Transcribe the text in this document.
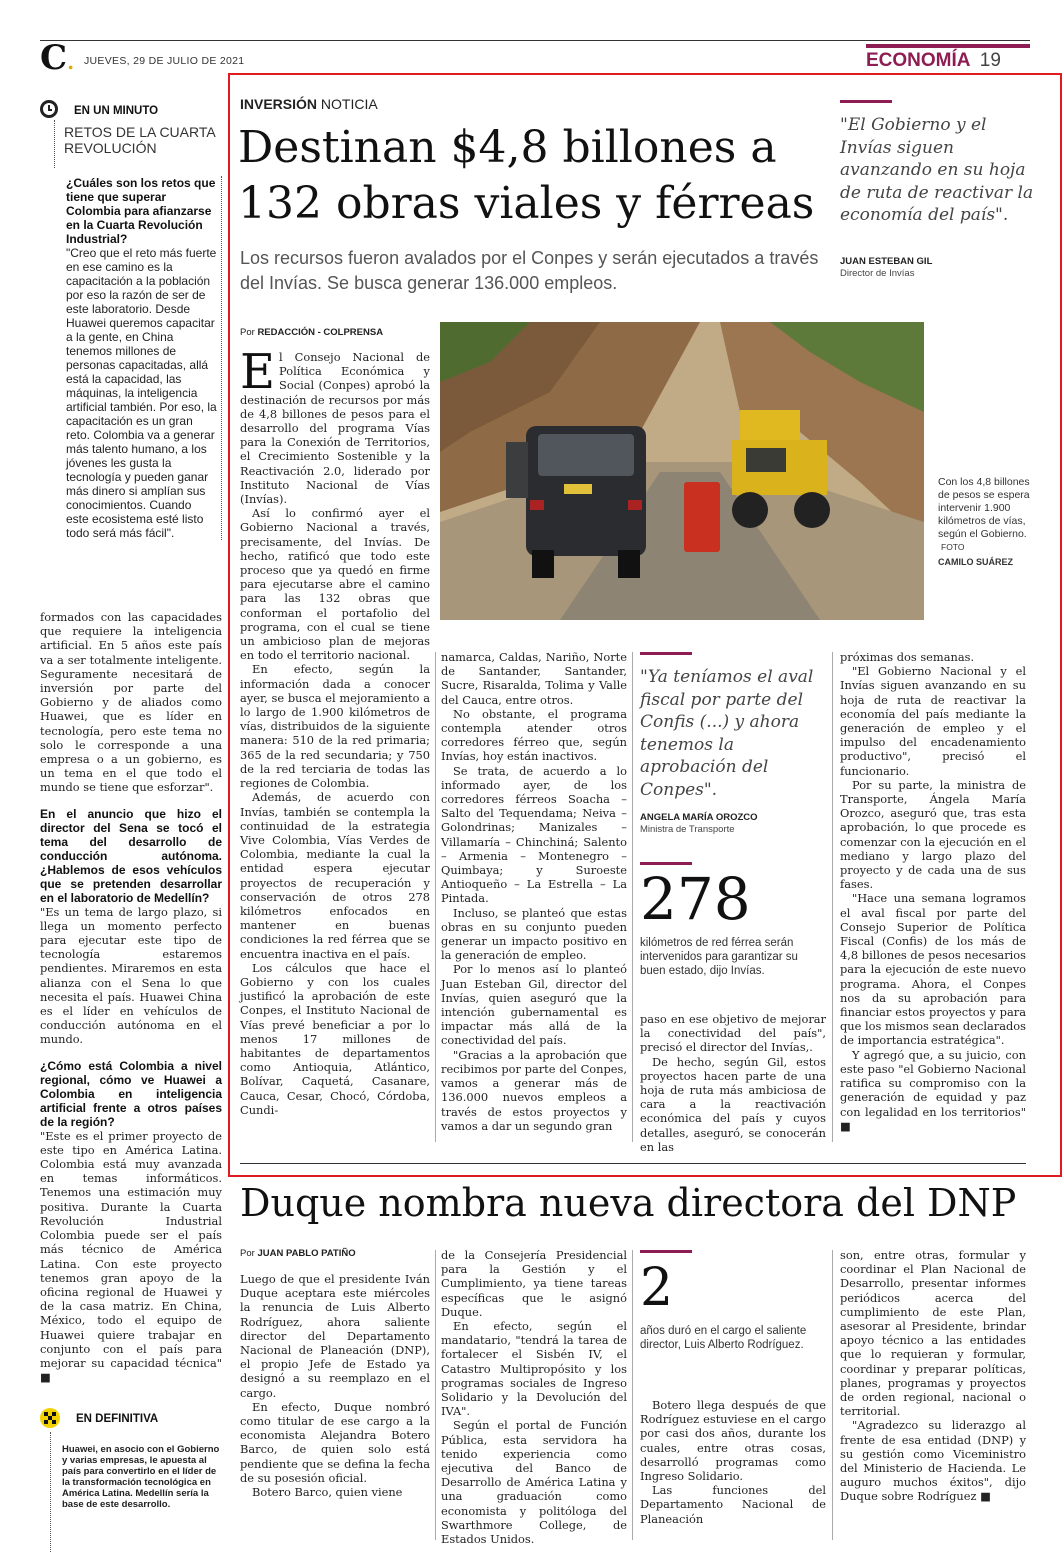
C. JUEVES, 29 DE JULIO DE 2021	ECONOMÍA 19
EN UN MINUTO
RETOS DE LA CUARTA
REVOLUCIÓN
¿Cuáles son los retos que tiene que superar Colombia para afianzarse en la Cuarta Revolución Industrial?
"Creo que el reto más fuerte en ese camino es la capacitación a la población por eso la razón de ser de este laboratorio. Desde Huawei queremos capacitar a la gente, en China tenemos millones de personas capacitadas, allá está la capacidad, las máquinas, la inteligencia artificial también. Por eso, la capacitación es un gran reto. Colombia va a generar más talento humano, a los jóvenes les gusta la tecnología y pueden ganar más dinero si amplían sus conocimientos. Cuando este ecosistema esté listo todo será más fácil".

formados con las capacidades que requiere la inteligencia artificial. En 5 años este país va a ser totalmente inteligente. Seguramente necesitará de inversión por parte del Gobierno y de aliados como Huawei, que es líder en tecnología, pero este tema no solo le corresponde a una empresa o a un gobierno, es un tema en el que todo el mundo se tiene que esforzar".

En el anuncio que hizo el director del Sena se tocó el tema del desarrollo de conducción autónoma. ¿Hablemos de esos vehículos que se pretenden desarrollar en el laboratorio de Medellín?

"Es un tema de largo plazo, si llega un momento perfecto para ejecutar este tipo de tecnología estaremos pendientes. Miraremos en esta alianza con el Sena lo que necesita el país. Huawei China es el líder en vehículos de conducción autónoma en el mundo.

¿Cómo está Colombia a nivel regional, cómo ve Huawei a Colombia en inteligencia artificial frente a otros países de la región?

"Este es el primer proyecto de este tipo en América Latina. Colombia está muy avanzada en temas informáticos. Tenemos una estimación muy positiva. Durante la Cuarta Revolución Industrial Colombia puede ser el país más técnico de América Latina. Con este proyecto tenemos gran apoyo de la oficina regional de Huawei y de la casa matriz. En China, México, todo el equipo de Huawei quiere trabajar en conjunto con el país para mejorar su capacidad técnica" ■

EN DEFINITIVA
Huawei, en asocio con el Gobierno y varias empresas, le apuesta al país para convertirlo en el líder de la transformación tecnológica en América Latina. Medellín sería la base de este desarrollo.
INVERSIÓN NOTICIA
Destinan $4,8 billones a 132 obras viales y férreas
Los recursos fueron avalados por el Conpes y serán ejecutados a través del Invías. Se busca generar 136.000 empleos.
"El Gobierno y el Invías siguen avanzando en su hoja de ruta de reactivar la economía del país".
JUAN ESTEBAN GIL
Director de Invías
Por REDACCIÓN - COLPRENSA
Con los 4,8 billones de pesos se espera intervenir 1.900 kilómetros de vías, según el Gobierno. FOTO
CAMILO SUÁREZ

El Consejo Nacional de Política Económica y Social (Conpes) aprobó la destinación de recursos por más de 4,8 billones de pesos para el desarrollo del programa Vías para la Conexión de Territorios, el Crecimiento Sostenible y la Reactivación 2.0, liderado por Instituto Nacional de Vías (Invías).

Así lo confirmó ayer el Gobierno Nacional a través, precisamente, del Invías. De hecho, ratificó que todo este proceso que ya quedó en firme para ejecutarse abre el camino para las 132 obras que conforman el portafolio del programa, con el cual se tiene un ambicioso plan de mejoras en todo el territorio nacional.

En efecto, según la información dada a conocer ayer, se busca el mejoramiento a lo largo de 1.900 kilómetros de vías, distribuidos de la siguiente manera: 510 de la red primaria; 365 de la red secundaria; y 750 de la red terciaria de todas las regiones de Colombia.

Además, de acuerdo con Invías, también se contempla la continuidad de la estrategia Vive Colombia, Vías Verdes de Colombia, mediante la cual la entidad espera ejecutar proyectos de recuperación y conservación de otros 278 kilómetros enfocados en mantener en buenas condiciones la red férrea que se encuentra inactiva en el país.

Los cálculos que hace el Gobierno y con los cuales justificó la aprobación de este Conpes, el Instituto Nacional de Vías prevé beneficiar a por lo menos 17 millones de habitantes de departamentos como Antioquia, Atlántico, Bolívar, Caquetá, Casanare, Cauca, Cesar, Chocó, Córdoba, Cundi-

namarca, Caldas, Nariño, Norte de Santander, Santander, Sucre, Risaralda, Tolima y Valle del Cauca, entre otros.

No obstante, el programa contempla atender otros corredores férreo que, según Invías, hoy están inactivos.

Se trata, de acuerdo a lo informado ayer, de los corredores férreos Soacha – Salto del Tequendama; Neiva – Golondrinas; Manizales – Villamaría – Chinchiná; Salento – Armenia – Montenegro – Quimbaya; y Suroeste Antioqueño – La Estrella – La Pintada.

Incluso, se planteó que estas obras en su conjunto pueden generar un impacto positivo en la generación de empleo.

Por lo menos así lo planteó Juan Esteban Gil, director del Invías, quien aseguró que la intención gubernamental es impactar más allá de la conectividad del país.

"Gracias a la aprobación que recibimos por parte del Conpes, vamos a generar más de 136.000 nuevos empleos a través de estos proyectos y vamos a dar un segundo gran

"Ya teníamos el aval fiscal por parte del Confis (...) y ahora tenemos la aprobación del Conpes".
ANGELA MARÍA OROZCO
Ministra de Transporte
278
kilómetros de red férrea serán intervenidos para garantizar su buen estado, dijo Invías.

paso en ese objetivo de mejorar la conectividad del país", precisó el director del Invías,.

De hecho, según Gil, estos proyectos hacen parte de una hoja de ruta más ambiciosa de cara a la reactivación económica del país y cuyos detalles, aseguró, se conocerán en las

próximas dos semanas.

"El Gobierno Nacional y el Invías siguen avanzando en su hoja de ruta de reactivar la economía del país mediante la generación de empleo y el impulso del encadenamiento productivo", precisó el funcionario.

Por su parte, la ministra de Transporte, Ángela María Orozco, aseguró que, tras esta aprobación, lo que procede es comenzar con la ejecución en el mediano y largo plazo del proyecto y de cada una de sus fases.

"Hace una semana logramos el aval fiscal por parte del Consejo Superior de Política Fiscal (Confis) de los más de 4,8 billones de pesos necesarios para la ejecución de este nuevo programa. Ahora, el Conpes nos da su aprobación para financiar estos proyectos y para que los mismos sean declarados de importancia estratégica".

Y agregó que, a su juicio, con este paso "el Gobierno Nacional ratifica su compromiso con la generación de equidad y paz con legalidad en los territorios" ■

Duque nombra nueva directora del DNP
Por JUAN PABLO PATIÑO

Luego de que el presidente Iván Duque aceptara este miércoles la renuncia de Luis Alberto Rodríguez, ahora saliente director del Departamento Nacional de Planeación (DNP), el propio Jefe de Estado ya designó a su reemplazo en el cargo.

En efecto, Duque nombró como titular de ese cargo a la economista Alejandra Botero Barco, de quien solo está pendiente que se defina la fecha de su posesión oficial.

Botero Barco, quien viene

de la Consejería Presidencial para la Gestión y el Cumplimiento, ya tiene tareas específicas que le asignó Duque.

En efecto, según el mandatario, "tendrá la tarea de fortalecer el Sisbén IV, el Catastro Multipropósito y los programas sociales de Ingreso Solidario y la Devolución del IVA".

Según el portal de Función Pública, esta servidora ha tenido experiencia como ejecutiva del Banco de Desarrollo de América Latina y una graduación como economista y politóloga del Swarthmore College, de Estados Unidos.

2
años duró en el cargo el saliente director, Luis Alberto Rodríguez.

Botero llega después de que Rodríguez estuviese en el cargo por casi dos años, durante los cuales, entre otras cosas, desarrolló programas como Ingreso Solidario.

Las funciones del Departamento Nacional de Planeación

son, entre otras, formular y coordinar el Plan Nacional de Desarrollo, presentar informes periódicos acerca del cumplimiento de este Plan, asesorar al Presidente, brindar apoyo técnico a las entidades que lo requieran y formular, coordinar y preparar políticas, planes, programas y proyectos de orden regional, nacional o territorial.

"Agradezco su liderazgo al frente de esa entidad (DNP) y su gestión como Viceministro del Ministerio de Hacienda. Le auguro muchos éxitos", dijo Duque sobre Rodríguez ■
